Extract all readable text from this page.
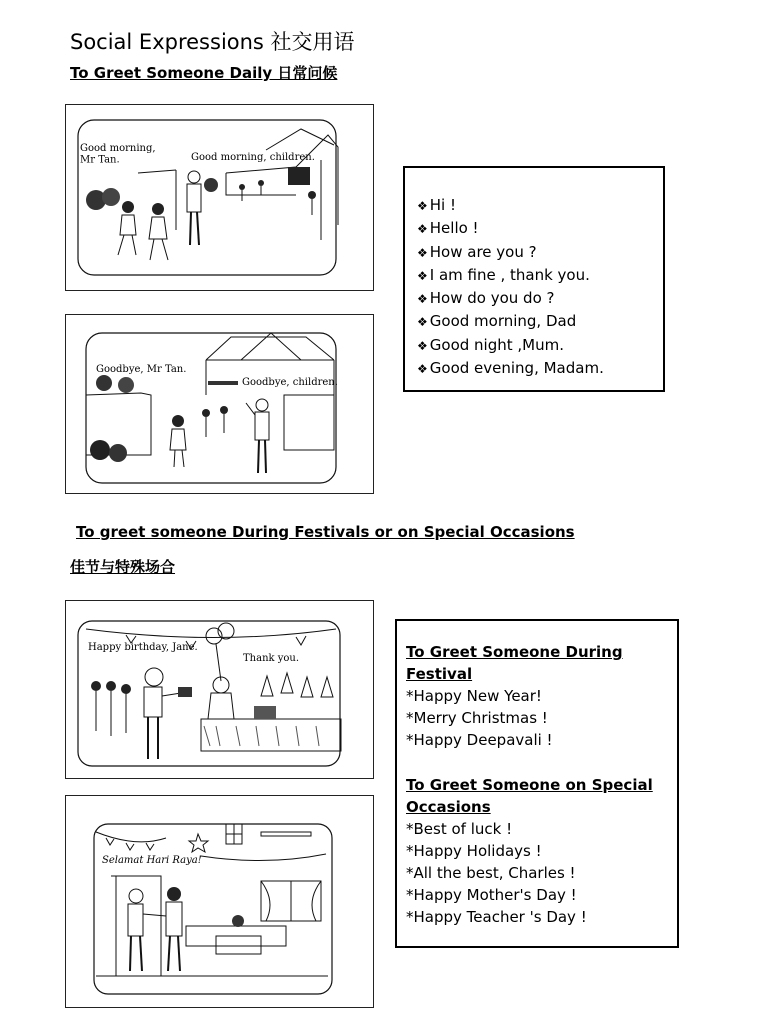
Social Expressions 社交用语
To Greet Someone Daily 日常问候
Good morning, Mr Tan.	Good morning, children.
Goodbye, Mr Tan.
Goodbye, children.
❖ Hi !
❖ Hello !
❖ How are you ?
❖ I am fine , thank you.
❖ How do you do ?
❖ Good morning, Dad
❖ Good night ,Mum.
❖ Good evening, Madam.
To greet someone During Festivals or on Special Occasions
佳节与特殊场合
Happy birthday, Jane.
Thank you.
Selamat Hari Raya!
To Greet Someone During Festival
*Happy New Year!
*Merry Christmas !
*Happy Deepavali !
To Greet Someone on Special Occasions
*Best of luck !
*Happy Holidays !
*All the best, Charles !
*Happy Mother's Day !
*Happy Teacher 's Day !
